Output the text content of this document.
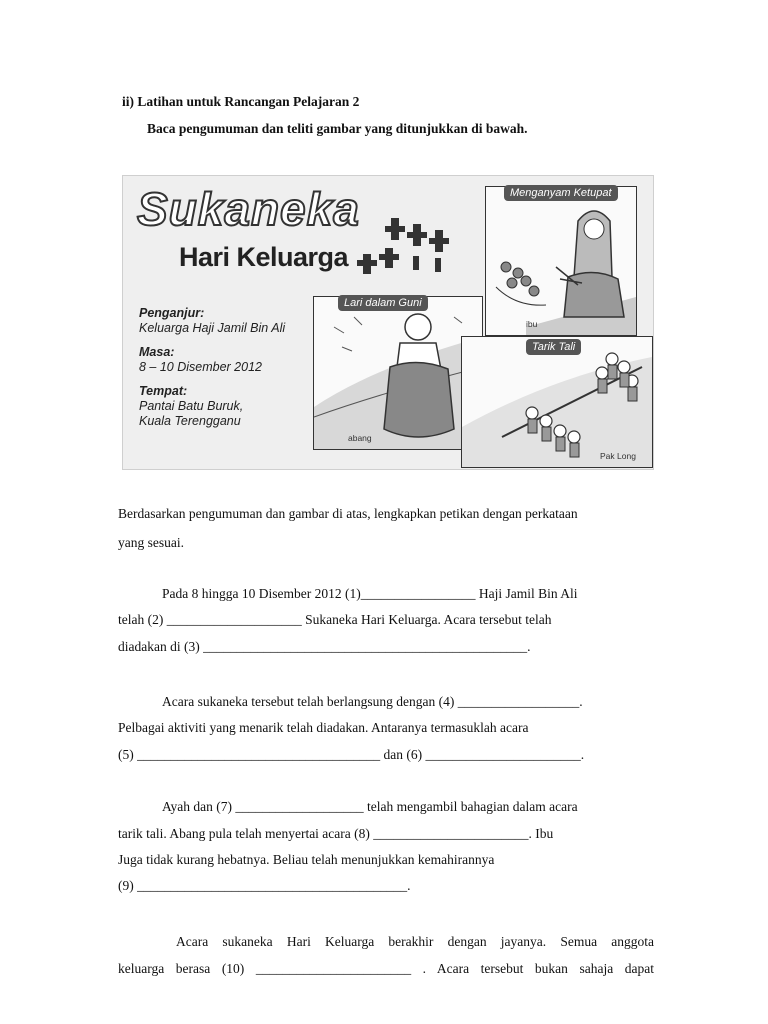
ii) Latihan untuk Rancangan Pelajaran 2
Baca pengumuman dan teliti gambar yang ditunjukkan di bawah.
Sukaneka
Hari Keluarga
Penganjur:
Keluarga Haji Jamil Bin Ali
Masa:
8 – 10 Disember 2012
Tempat:
Pantai Batu Buruk,
Kuala Terengganu
Menganyam Ketupat
ibu
Lari dalam Guni
abang
Tarik Tali
Pak Long
Berdasarkan pengumuman dan gambar di atas, lengkapkan petikan dengan perkataan
yang sesuai.
Pada 8 hingga 10 Disember 2012 (1)_________________ Haji Jamil Bin Ali
telah (2) ____________________ Sukaneka Hari Keluarga. Acara tersebut telah
diadakan di (3) ________________________________________________.
Acara sukaneka tersebut telah berlangsung dengan (4) __________________.
Pelbagai aktiviti yang menarik telah diadakan. Antaranya termasuklah acara
(5) ____________________________________ dan (6) _______________________.
Ayah dan (7) ___________________ telah mengambil bahagian dalam acara
tarik tali. Abang pula telah menyertai acara (8) _______________________. Ibu
Juga tidak kurang hebatnya. Beliau telah menunjukkan kemahirannya
(9) ________________________________________.
Acara sukaneka Hari Keluarga berakhir dengan jayanya. Semua anggota
keluarga berasa (10) _______________________ . Acara tersebut bukan sahaja dapat
